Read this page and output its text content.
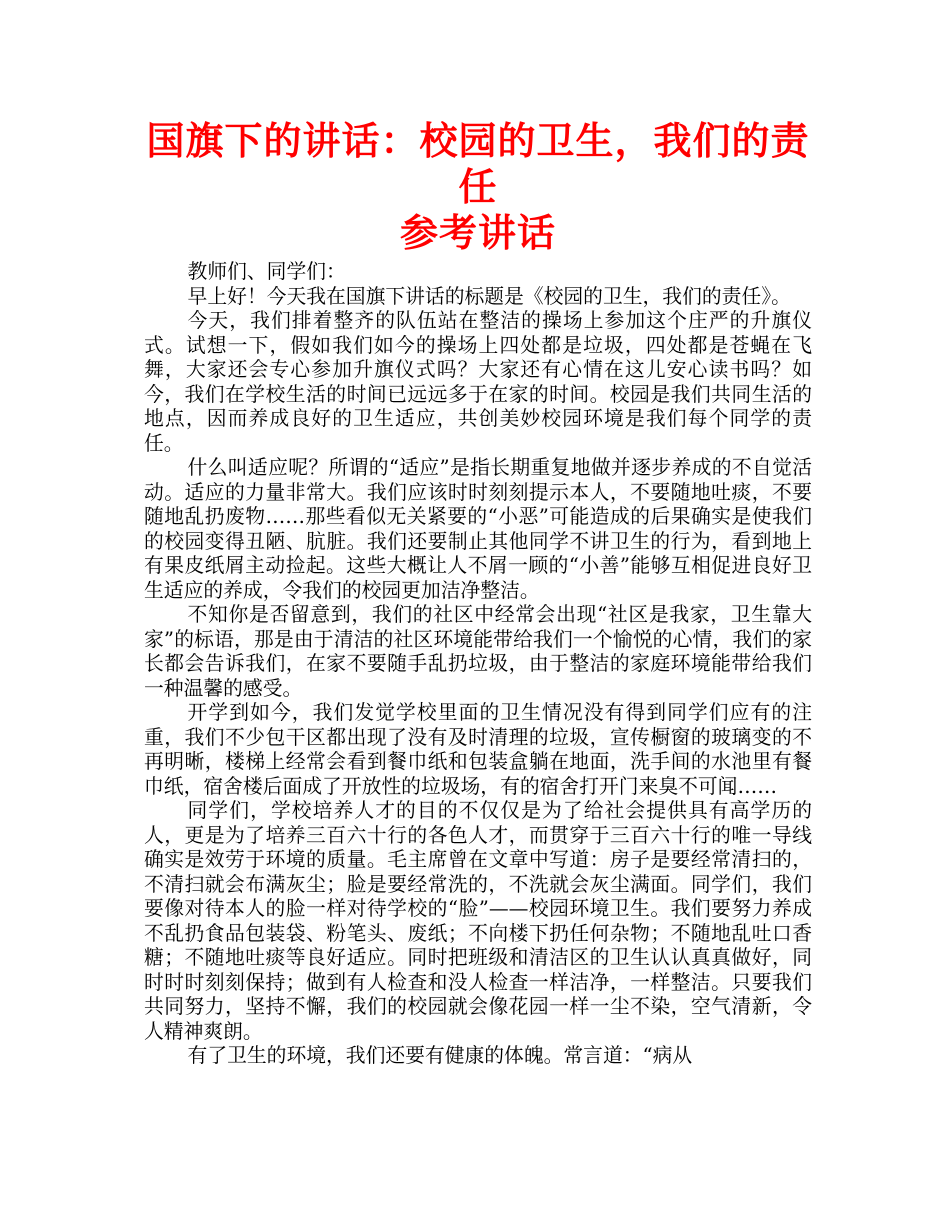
国旗下的讲话：校园的卫生，我们的责任
参考讲话

教师们、同学们：

早上好！今天我在国旗下讲话的标题是《校园的卫生，我们的责任》。

今天，我们排着整齐的队伍站在整洁的操场上参加这个庄严的升旗仪式。试想一下，假如我们如今的操场上四处都是垃圾，四处都是苍蝇在飞舞，大家还会专心参加升旗仪式吗？大家还有心情在这儿安心读书吗？如今，我们在学校生活的时间已远远多于在家的时间。校园是我们共同生活的地点，因而养成良好的卫生适应，共创美妙校园环境是我们每个同学的责任。

什么叫适应呢？所谓的“适应”是指长期重复地做并逐步养成的不自觉活动。适应的力量非常大。我们应该时时刻刻提示本人，不要随地吐痰，不要随地乱扔废物……那些看似无关紧要的“小恶”可能造成的后果确实是使我们的校园变得丑陋、肮脏。我们还要制止其他同学不讲卫生的行为，看到地上有果皮纸屑主动捡起。这些大概让人不屑一顾的“小善”能够互相促进良好卫生适应的养成，令我们的校园更加洁净整洁。

不知你是否留意到，我们的社区中经常会出现“社区是我家，卫生靠大家”的标语，那是由于清洁的社区环境能带给我们一个愉悦的心情，我们的家长都会告诉我们，在家不要随手乱扔垃圾，由于整洁的家庭环境能带给我们一种温馨的感受。

开学到如今，我们发觉学校里面的卫生情况没有得到同学们应有的注重，我们不少包干区都出现了没有及时清理的垃圾，宣传橱窗的玻璃变的不再明晰，楼梯上经常会看到餐巾纸和包装盒躺在地面，洗手间的水池里有餐巾纸，宿舍楼后面成了开放性的垃圾场，有的宿舍打开门来臭不可闻……

同学们，学校培养人才的目的不仅仅是为了给社会提供具有高学历的人，更是为了培养三百六十行的各色人才，而贯穿于三百六十行的唯一导线确实是效劳于环境的质量。毛主席曾在文章中写道：房子是要经常清扫的，不清扫就会布满灰尘；脸是要经常洗的，不洗就会灰尘满面。同学们，我们要像对待本人的脸一样对待学校的“脸”——校园环境卫生。我们要努力养成不乱扔食品包装袋、粉笔头、废纸；不向楼下扔任何杂物；不随地乱吐口香糖；不随地吐痰等良好适应。同时把班级和清洁区的卫生认认真真做好，同时时时刻刻保持；做到有人检查和没人检查一样洁净，一样整洁。只要我们共同努力，坚持不懈，我们的校园就会像花园一样一尘不染，空气清新，令人精神爽朗。

有了卫生的环境，我们还要有健康的体魄。常言道：“病从
